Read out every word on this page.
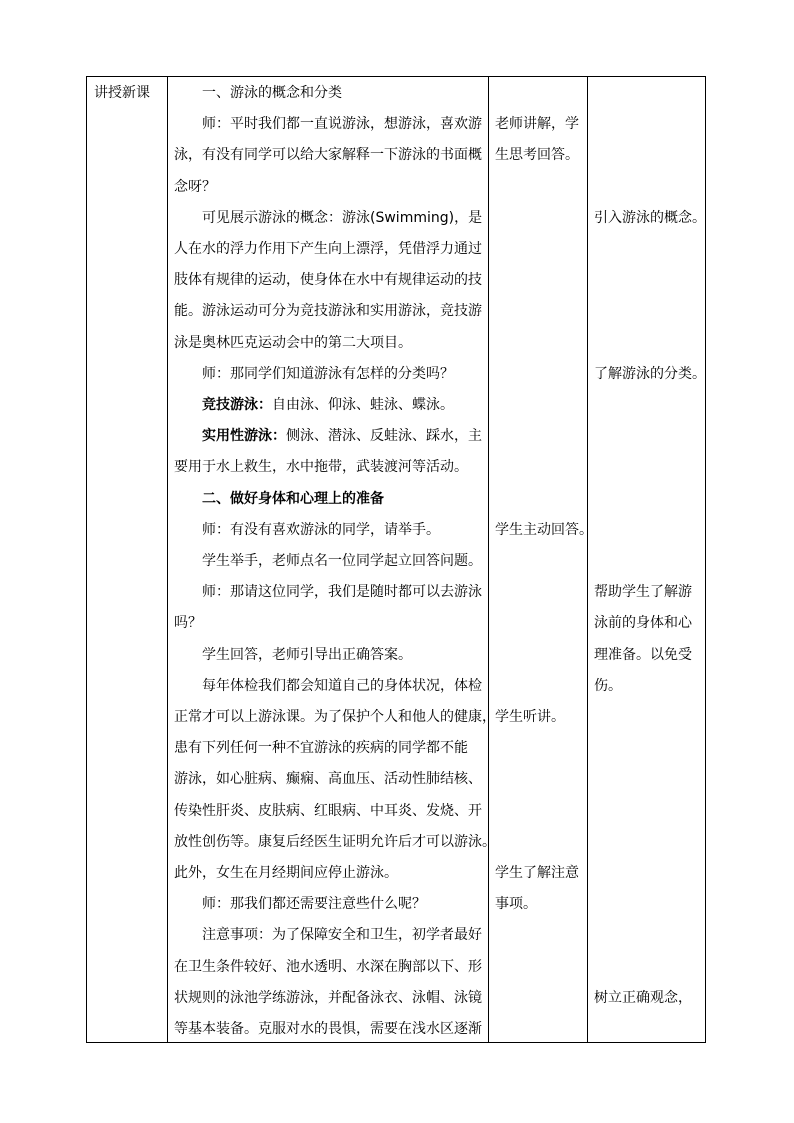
讲授新课	一、游泳的概念和分类
师：平时我们都一直说游泳，想游泳，喜欢游
泳，有没有同学可以给大家解释一下游泳的书面概
念呀？
可见展示游泳的概念：游泳(Swimming)，是
人在水的浮力作用下产生向上漂浮，凭借浮力通过
肢体有规律的运动，使身体在水中有规律运动的技
能。游泳运动可分为竞技游泳和实用游泳，竞技游
泳是奥林匹克运动会中的第二大项目。
师：那同学们知道游泳有怎样的分类吗？
竞技游泳：自由泳、仰泳、蛙泳、蝶泳。
实用性游泳：侧泳、潜泳、反蛙泳、踩水，主
要用于水上救生，水中拖带，武装渡河等活动。
二、做好身体和心理上的准备
师：有没有喜欢游泳的同学，请举手。
学生举手，老师点名一位同学起立回答问题。
师：那请这位同学，我们是随时都可以去游泳
吗？
学生回答，老师引导出正确答案。
每年体检我们都会知道自己的身体状况，体检
正常才可以上游泳课。为了保护个人和他人的健康，
患有下列任何一种不宜游泳的疾病的同学都不能
游泳，如心脏病、癫痫、高血压、活动性肺结核、
传染性肝炎、皮肤病、红眼病、中耳炎、发烧、开
放性创伤等。康复后经医生证明允许后才可以游泳。
此外，女生在月经期间应停止游泳。
师：那我们都还需要注意些什么呢？
注意事项：为了保障安全和卫生，初学者最好
在卫生条件较好、池水透明、水深在胸部以下、形
状规则的泳池学练游泳，并配备泳衣、泳帽、泳镜
等基本装备。克服对水的畏惧，需要在浅水区逐渐
老师讲解，学
生思考回答。
学生主动回答。
学生听讲。
学生了解注意
事项。
引入游泳的概念。
了解游泳的分类。
帮助学生了解游
泳前的身体和心
理准备。以免受
伤。
树立正确观念，
